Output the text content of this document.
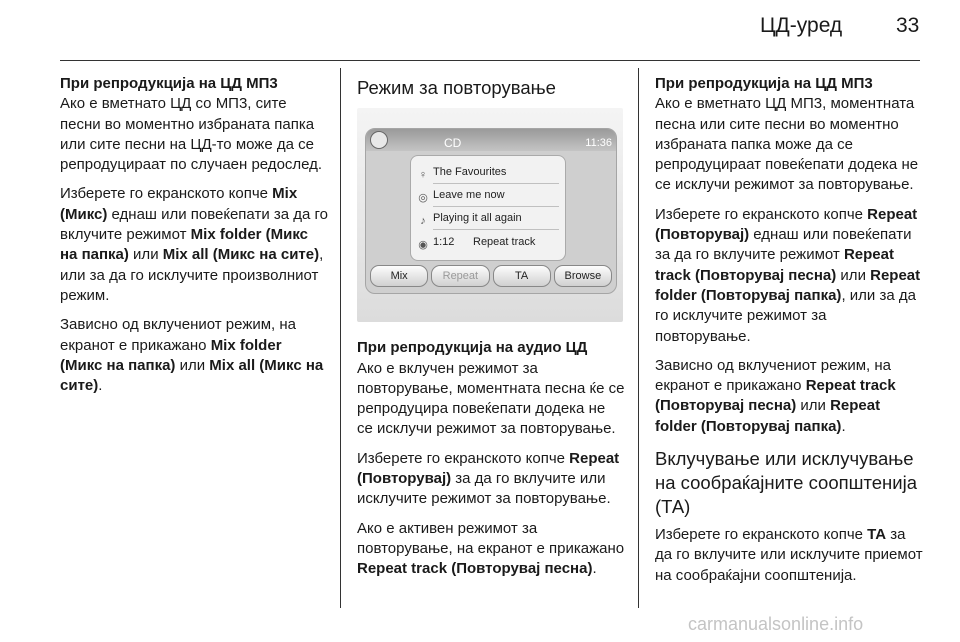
ЦД-уред	33
При репродукција на ЦД МП3

Ако е вметнато ЦД со МП3, сите песни во моментно избраната папка или сите песни на ЦД-то може да се репродуцираат по случаен редослед.

Изберете го екранското копче Mix (Микс) еднаш или повеќепати за да го вклучите режимот Mix folder (Микс на папка) или Mix all (Микс на сите), или за да го исклучите произволниот режим.

Зависно од вклучениот режим, на екранот е прикажано Mix folder (Микс на папка) или Mix all (Микс на сите).

Режим за повторување
CD	11:36
♀ The Favourites
◎ Leave me now
♪ Playing it all again
◉ 1:12 Repeat track
Mix	Repeat	TA	Browse
При репродукција на аудио ЦД

Ако е вклучен режимот за повторување, моментната песна ќе се репродуцира повеќепати додека не се исклучи режимот за повторување.

Изберете го екранското копче Repeat (Повторувај) за да го вклучите или исклучите режимот за повторување.

Ако е активен режимот за повторување, на екранот е прикажано Repeat track (Повторувај песна).

При репродукција на ЦД МП3

Ако е вметнато ЦД МП3, моментната песна или сите песни во моментно избраната папка може да се репродуцираат повеќепати додека не се исклучи режимот за повторување.

Изберете го екранското копче Repeat (Повторувај) еднаш или повеќепати за да го вклучите режимот Repeat track (Повторувај песна) или Repeat folder (Повторувај папка), или за да го исклучите режимот за повторување.

Зависно од вклучениот режим, на екранот е прикажано Repeat track (Повторувај песна) или Repeat folder (Повторувај папка).

Вклучување или исклучување на сообраќајните соопштенија (ТА)

Изберете го екранското копче TA за да го вклучите или исклучите приемот на сообраќајни соопштенија.

carmanualsonline.info
